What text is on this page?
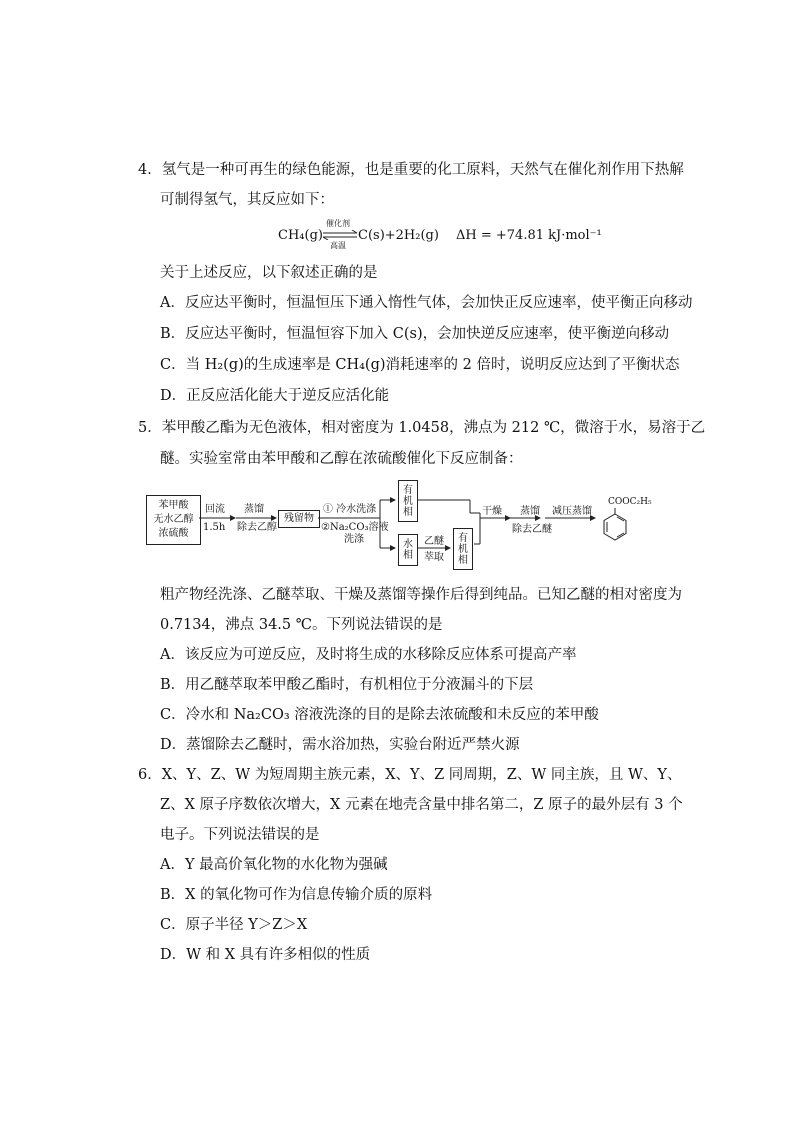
4．氢气是一种可再生的绿色能源，也是重要的化工原料，天然气在催化剂作用下热解
可制得氢气，其反应如下：
CH₄(g)
催化剂
高温
C(s)+2H₂(g) ΔH = +74.81 kJ·mol⁻¹
关于上述反应，以下叙述正确的是
A．反应达平衡时，恒温恒压下通入惰性气体，会加快正反应速率，使平衡正向移动
B．反应达平衡时，恒温恒容下加入 C(s)，会加快逆反应速率，使平衡逆向移动
C．当 H₂(g)的生成速率是 CH₄(g)消耗速率的 2 倍时，说明反应达到了平衡状态
D．正反应活化能大于逆反应活化能
5．苯甲酸乙酯为无色液体，相对密度为 1.0458，沸点为 212 ℃，微溶于水，易溶于乙
醚。实验室常由苯甲酸和乙醇在浓硫酸催化下反应制备：
苯甲酸
无水乙醇
浓硫酸
回流
1.5h
蒸馏
除去乙醇
残留物
① 冷水洗涤
②Na₂CO₃溶液
洗涤
有
机
相
水
相
乙醚
萃取
有
机
相
干燥 蒸馏
除去乙醚
减压蒸馏
COOC₂H₅
粗产物经洗涤、乙醚萃取、干燥及蒸馏等操作后得到纯品。已知乙醚的相对密度为
0.7134，沸点 34.5 ℃。下列说法错误的是
A．该反应为可逆反应，及时将生成的水移除反应体系可提高产率
B．用乙醚萃取苯甲酸乙酯时，有机相位于分液漏斗的下层
C．冷水和 Na₂CO₃ 溶液洗涤的目的是除去浓硫酸和未反应的苯甲酸
D．蒸馏除去乙醚时，需水浴加热，实验台附近严禁火源
6．X、Y、Z、W 为短周期主族元素，X、Y、Z 同周期，Z、W 同主族，且 W、Y、
Z、X 原子序数依次增大，X 元素在地壳含量中排名第二，Z 原子的最外层有 3 个
电子。下列说法错误的是
A．Y 最高价氧化物的水化物为强碱
B．X 的氧化物可作为信息传输介质的原料
C．原子半径 Y＞Z＞X
D．W 和 X 具有许多相似的性质
